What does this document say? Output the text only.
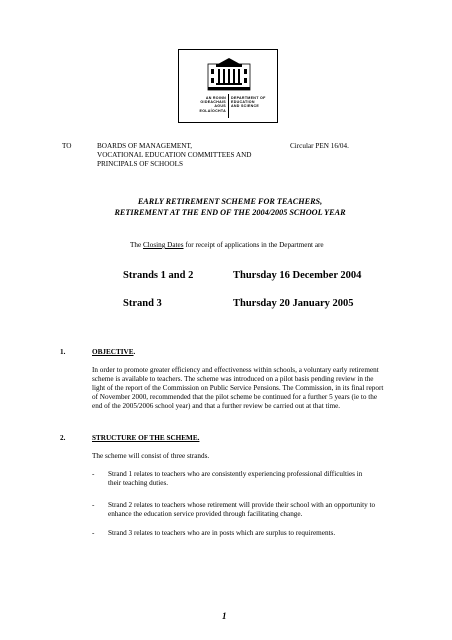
AN ROINN
OIDEACHAIS
AGUS EOLAÍOCHTA
DEPARTMENT OF
EDUCATION
AND SCIENCE
TO	BOARDS OF MANAGEMENT,
VOCATIONAL EDUCATION COMMITTEES AND
PRINCIPALS OF SCHOOLS
Circular PEN 16/04.
EARLY RETIREMENT SCHEME FOR TEACHERS,
RETIREMENT AT THE END OF THE 2004/2005 SCHOOL YEAR
The Closing Dates for receipt of applications in the Department are
Strands 1 and 2	Thursday 16 December 2004
Strand 3	Thursday 20 January 2005
1.	OBJECTIVE.
In order to promote greater efficiency and effectiveness within schools, a voluntary early retirement
scheme is available to teachers. The scheme was introduced on a pilot basis pending review in the
light of the report of the Commission on Public Service Pensions. The Commission, in its final report
of November 2000, recommended that the pilot scheme be continued for a further 5 years (ie to the
end of the 2005/2006 school year) and that a further review be carried out at that time.
2.	STRUCTURE OF THE SCHEME.
The scheme will consist of three strands.
- Strand 1 relates to teachers who are consistently experiencing professional difficulties in
their teaching duties.
- Strand 2 relates to teachers whose retirement will provide their school with an opportunity to
enhance the education service provided through facilitating change.
- Strand 3 relates to teachers who are in posts which are surplus to requirements.
1
